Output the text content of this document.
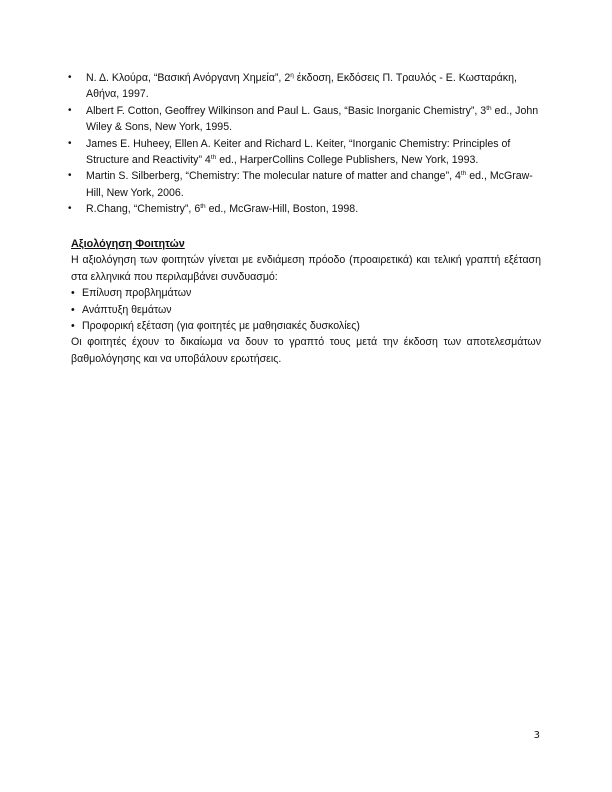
• Ν. Δ. Κλούρα, “Βασική Ανόργανη Χημεία”, $2^\eta$ έκδοση, Εκδόσεις Π. Τραυλός - Ε. Κωσταράκη, Αθήνα, 1997.
• Albert F. Cotton, Geoffrey Wilkinson and Paul L. Gaus, “Basic Inorganic Chemistry”, 3th ed., John Wiley & Sons, New York, 1995.
• James E. Huheey, Ellen A. Keiter and Richard L. Keiter, “Inorganic Chemistry: Principles of Structure and Reactivity” 4th ed., HarperCollins College Publishers, New York, 1993.
• Martin S. Silberberg, “Chemistry: The molecular nature of matter and change”, 4th ed., McGraw-Hill, New York, 2006.
• R.Chang, “Chemistry”, 6th ed., McGraw-Hill, Boston, 1998.
Αξιολόγηση Φοιτητών

Η αξιολόγηση των φοιτητών γίνεται με ενδιάμεση πρόοδο (προαιρετικά) και τελική γραπτή εξέταση στα ελληνικά που περιλαμβάνει συνδυασμό:

• Επίλυση προβλημάτων
• Ανάπτυξη θεμάτων
• Προφορική εξέταση (για φοιτητές με μαθησιακές δυσκολίες)

Οι φοιτητές έχουν το δικαίωμα να δουν το γραπτό τους μετά την έκδοση των αποτελεσμάτων βαθμολόγησης και να υποβάλουν ερωτήσεις.

3
